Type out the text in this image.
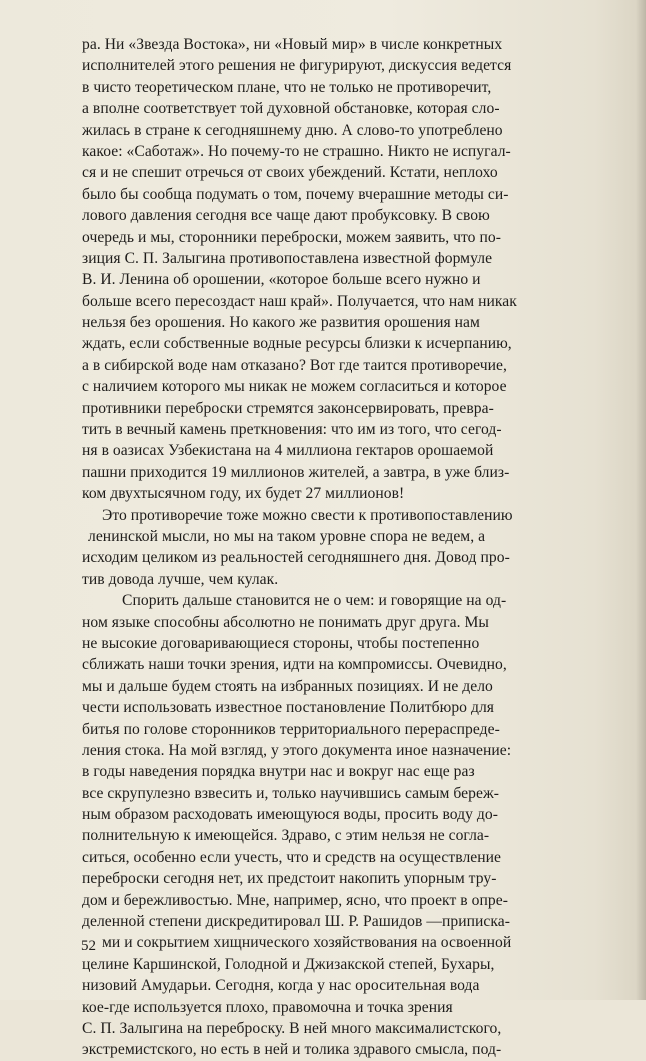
ра. Ни «Звезда Востока», ни «Новый мир» в числе конкретных
исполнителей этого решения не фигурируют, дискуссия ведется
в чисто теоретическом плане, что не только не противоречит,
а вполне соответствует той духовной обстановке, которая сло-
жилась в стране к сегодняшнему дню. А слово-то употреблено
какое: «Саботаж». Но почему-то не страшно. Никто не испугал-
ся и не спешит отречься от своих убеждений. Кстати, неплохо
было бы сообща подумать о том, почему вчерашние методы си-
лового давления сегодня все чаще дают пробуксовку. В свою
очередь и мы, сторонники переброски, можем заявить, что по-
зиция С. П. Залыгина противопоставлена известной формуле
В. И. Ленина об орошении, «которое больше всего нужно и
больше всего пересоздаст наш край». Получается, что нам никак
нельзя без орошения. Но какого же развития орошения нам
ждать, если собственные водные ресурсы близки к исчерпанию,
а в сибирской воде нам отказано? Вот где таится противоречие,
с наличием которого мы никак не можем согласиться и которое
противники переброски стремятся законсервировать, превра-
тить в вечный камень преткновения: что им из того, что сегод-
ня в оазисах Узбекистана на 4 миллиона гектаров орошаемой
пашни приходится 19 миллионов жителей, а завтра, в уже близ-
ком двухтысячном году, их будет 27 миллионов!
Это противоречие тоже можно свести к противопоставлению
ленинской мысли, но мы на таком уровне спора не ведем, а
исходим целиком из реальностей сегодняшнего дня. Довод про-
тив довода лучше, чем кулак.
Спорить дальше становится не о чем: и говорящие на од-
ном языке способны абсолютно не понимать друг друга. Мы
не высокие договаривающиеся стороны, чтобы постепенно
сближать наши точки зрения, идти на компромиссы. Очевидно,
мы и дальше будем стоять на избранных позициях. И не дело
чести использовать известное постановление Политбюро для
битья по голове сторонников территориального перераспреде-
ления стока. На мой взгляд, у этого документа иное назначение:
в годы наведения порядка внутри нас и вокруг нас еще раз
все скрупулезно взвесить и, только научившись самым береж-
ным образом расходовать имеющуюся воды, просить воду до-
полнительную к имеющейся. Здраво, с этим нельзя не согла-
ситься, особенно если учесть, что и средств на осуществление
переброски сегодня нет, их предстоит накопить упорным тру-
дом и бережливостью. Мне, например, ясно, что проект в опре-
деленной степени дискредитировал Ш. Р. Рашидов —приписка-
ми и сокрытием хищнического хозяйствования на освоенной
целине Каршинской, Голодной и Джизакской степей, Бухары,
низовий Амударьи. Сегодня, когда у нас оросительная вода
кое-где используется плохо, правомочна и точка зрения
С. П. Залыгина на переброску. В ней много максималистского,
экстремистского, но есть в ней и толика здравого смысла, под-
52
